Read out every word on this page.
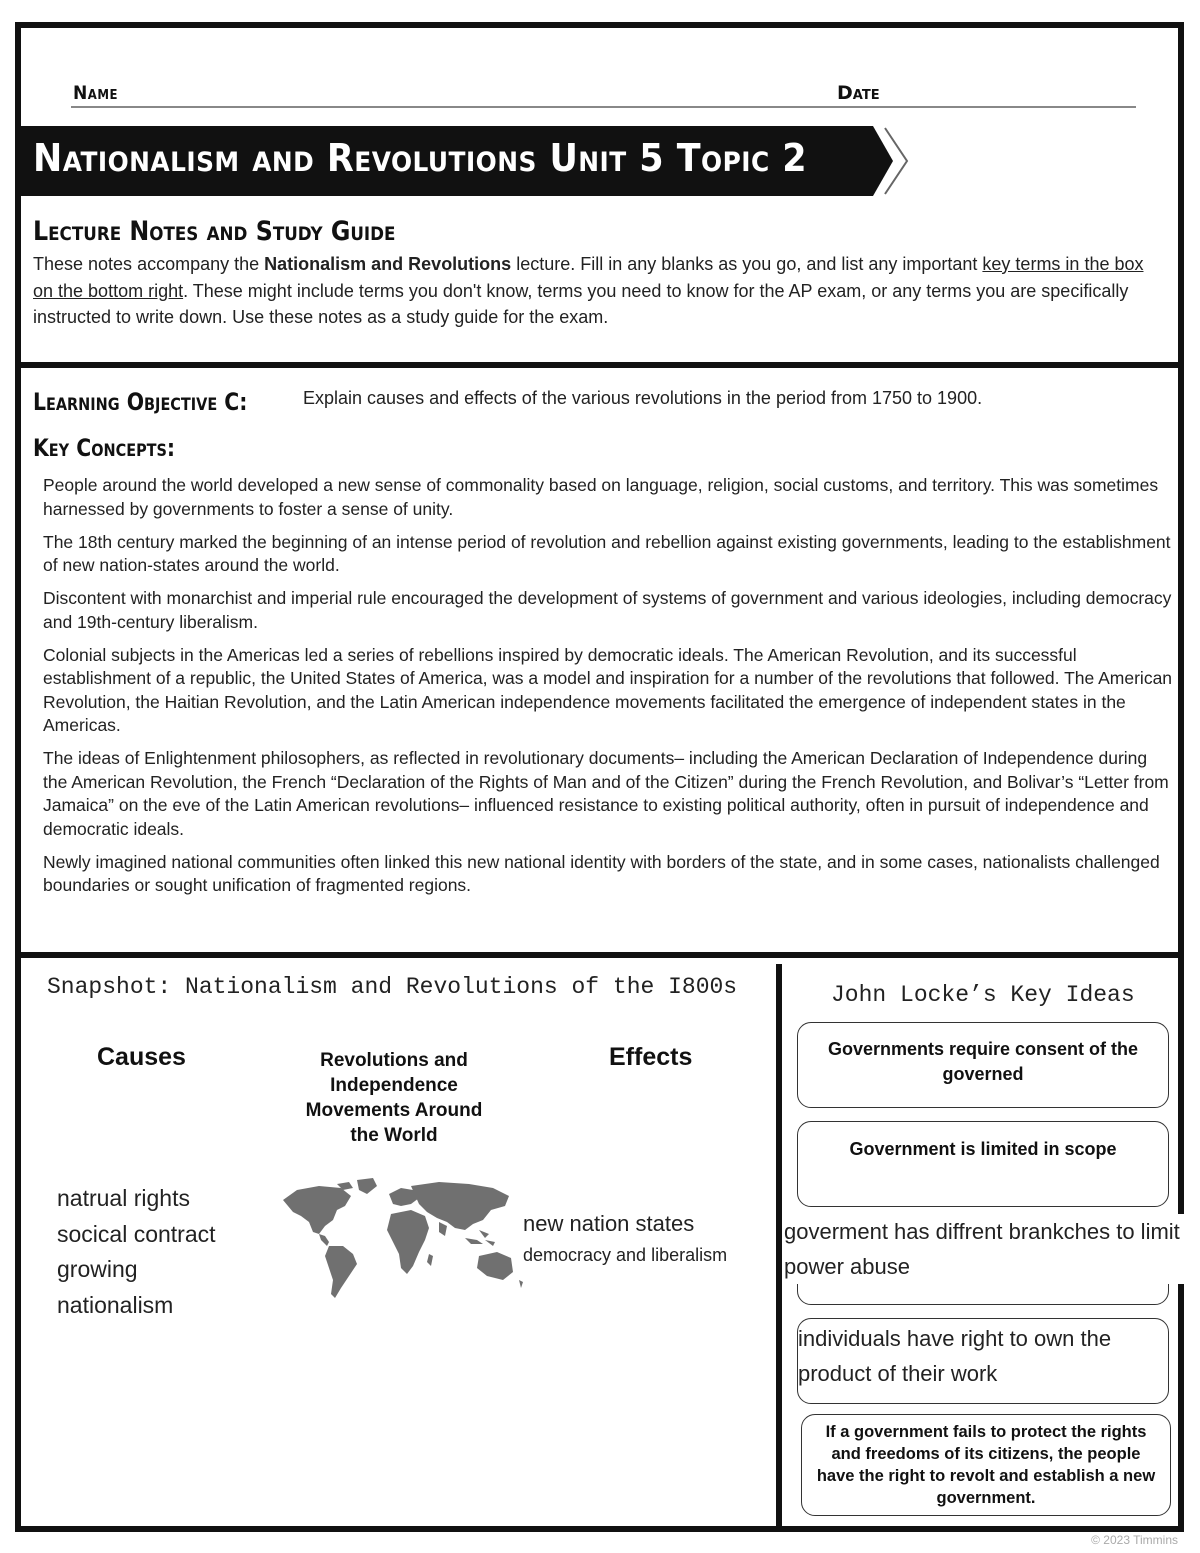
Name	Date
Nationalism and Revolutions Unit 5 Topic 2
Lecture Notes and Study Guide
These notes accompany the Nationalism and Revolutions lecture. Fill in any blanks as you go, and list any important key terms in the box on the bottom right. These might include terms you don't know, terms you need to know for the AP exam, or any terms you are specifically instructed to write down. Use these notes as a study guide for the exam.
Learning Objective C:	Explain causes and effects of the various revolutions in the period from 1750 to 1900.
Key Concepts:

People around the world developed a new sense of commonality based on language, religion, social customs, and territory. This was sometimes harnessed by governments to foster a sense of unity.

The 18th century marked the beginning of an intense period of revolution and rebellion against existing governments, leading to the establishment of new nation-states around the world.

Discontent with monarchist and imperial rule encouraged the development of systems of government and various ideologies, including democracy and 19th-century liberalism.

Colonial subjects in the Americas led a series of rebellions inspired by democratic ideals. The American Revolution, and its successful establishment of a republic, the United States of America, was a model and inspiration for a number of the revolutions that followed. The American Revolution, the Haitian Revolution, and the Latin American independence movements facilitated the emergence of independent states in the Americas.

The ideas of Enlightenment philosophers, as reflected in revolutionary documents– including the American Declaration of Independence during the American Revolution, the French “Declaration of the Rights of Man and of the Citizen” during the French Revolution, and Bolivar’s “Letter from Jamaica” on the eve of the Latin American revolutions– influenced resistance to existing political authority, often in pursuit of independence and democratic ideals.

Newly imagined national communities often linked this new national identity with borders of the state, and in some cases, nationalists challenged boundaries or sought unification of fragmented regions.

Snapshot: Nationalism and Revolutions of the I800s
Causes	Revolutions and Independence Movements Around the World
Effects
natrual rights
socical contract
growing
nationalism
new nation states
democracy and liberalism
John Locke’s Key Ideas
Governments require consent of the governed
Government is limited in scope
goverment has diffrent brankches to limit power abuse
individuals have right to own the product of their work
If a government fails to protect the rights and freedoms of its citizens, the people have the right to revolt and establish a new government.
© 2023 Timmins
